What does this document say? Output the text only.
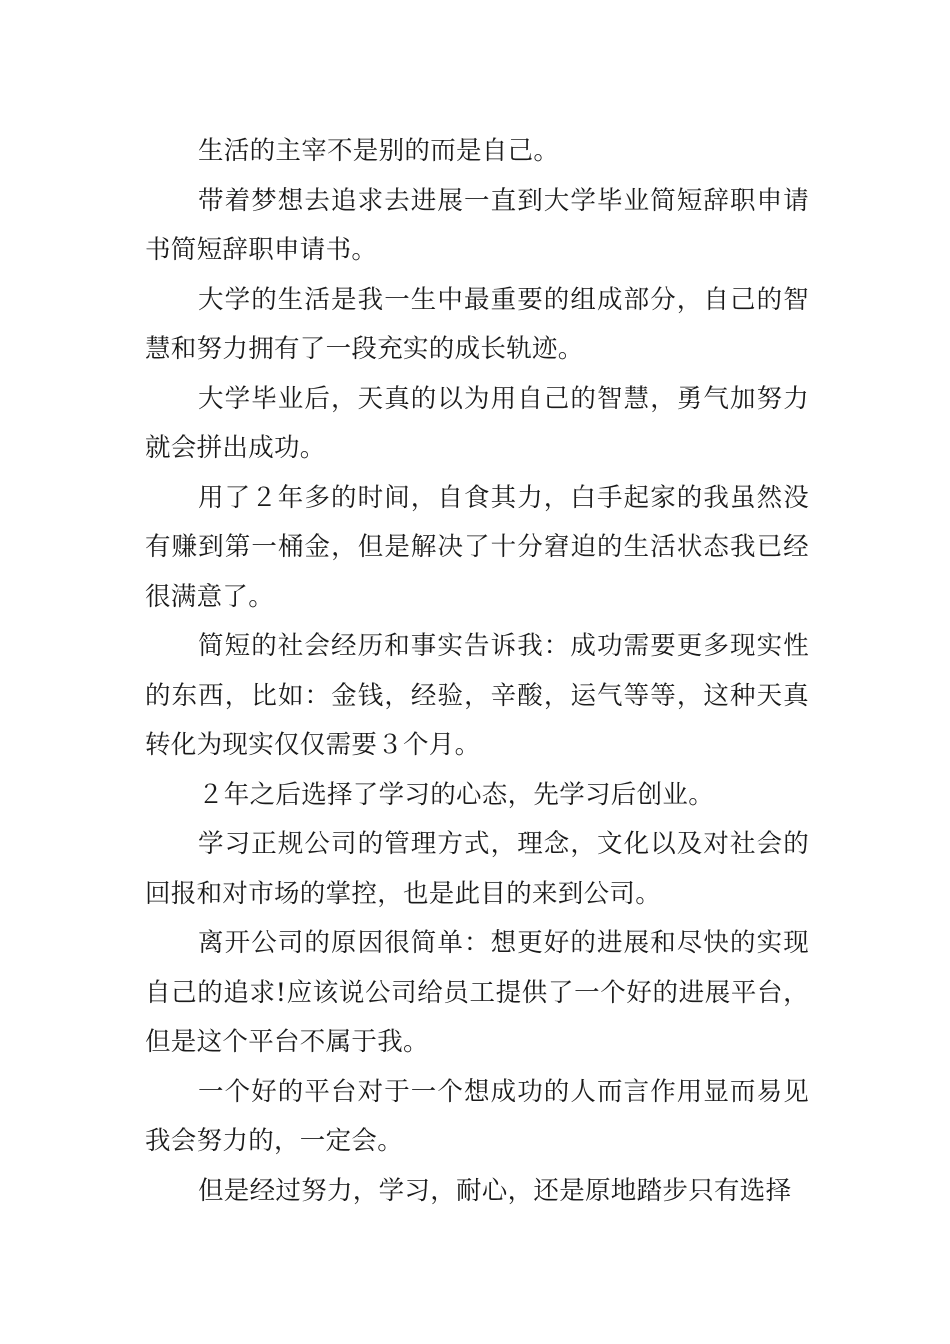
生活的主宰不是别的而是自己。

带着梦想去追求去进展一直到大学毕业简短辞职申请书简短辞职申请书。

大学的生活是我一生中最重要的组成部分，自己的智慧和努力拥有了一段充实的成长轨迹。

大学毕业后，天真的以为用自己的智慧，勇气加努力就会拼出成功。

用了２年多的时间，自食其力，白手起家的我虽然没有赚到第一桶金，但是解决了十分窘迫的生活状态我已经很满意了。

简短的社会经历和事实告诉我：成功需要更多现实性的东西，比如：金钱，经验，辛酸，运气等等，这种天真转化为现实仅仅需要３个月。

２年之后选择了学习的心态，先学习后创业。

学习正规公司的管理方式，理念，文化以及对社会的回报和对市场的掌控，也是此目的来到公司。

离开公司的原因很简单：想更好的进展和尽快的实现自己的追求!应该说公司给员工提供了一个好的进展平台，但是这个平台不属于我。

一个好的平台对于一个想成功的人而言作用显而易见我会努力的，一定会。

但是经过努力，学习，耐心，还是原地踏步只有选择
